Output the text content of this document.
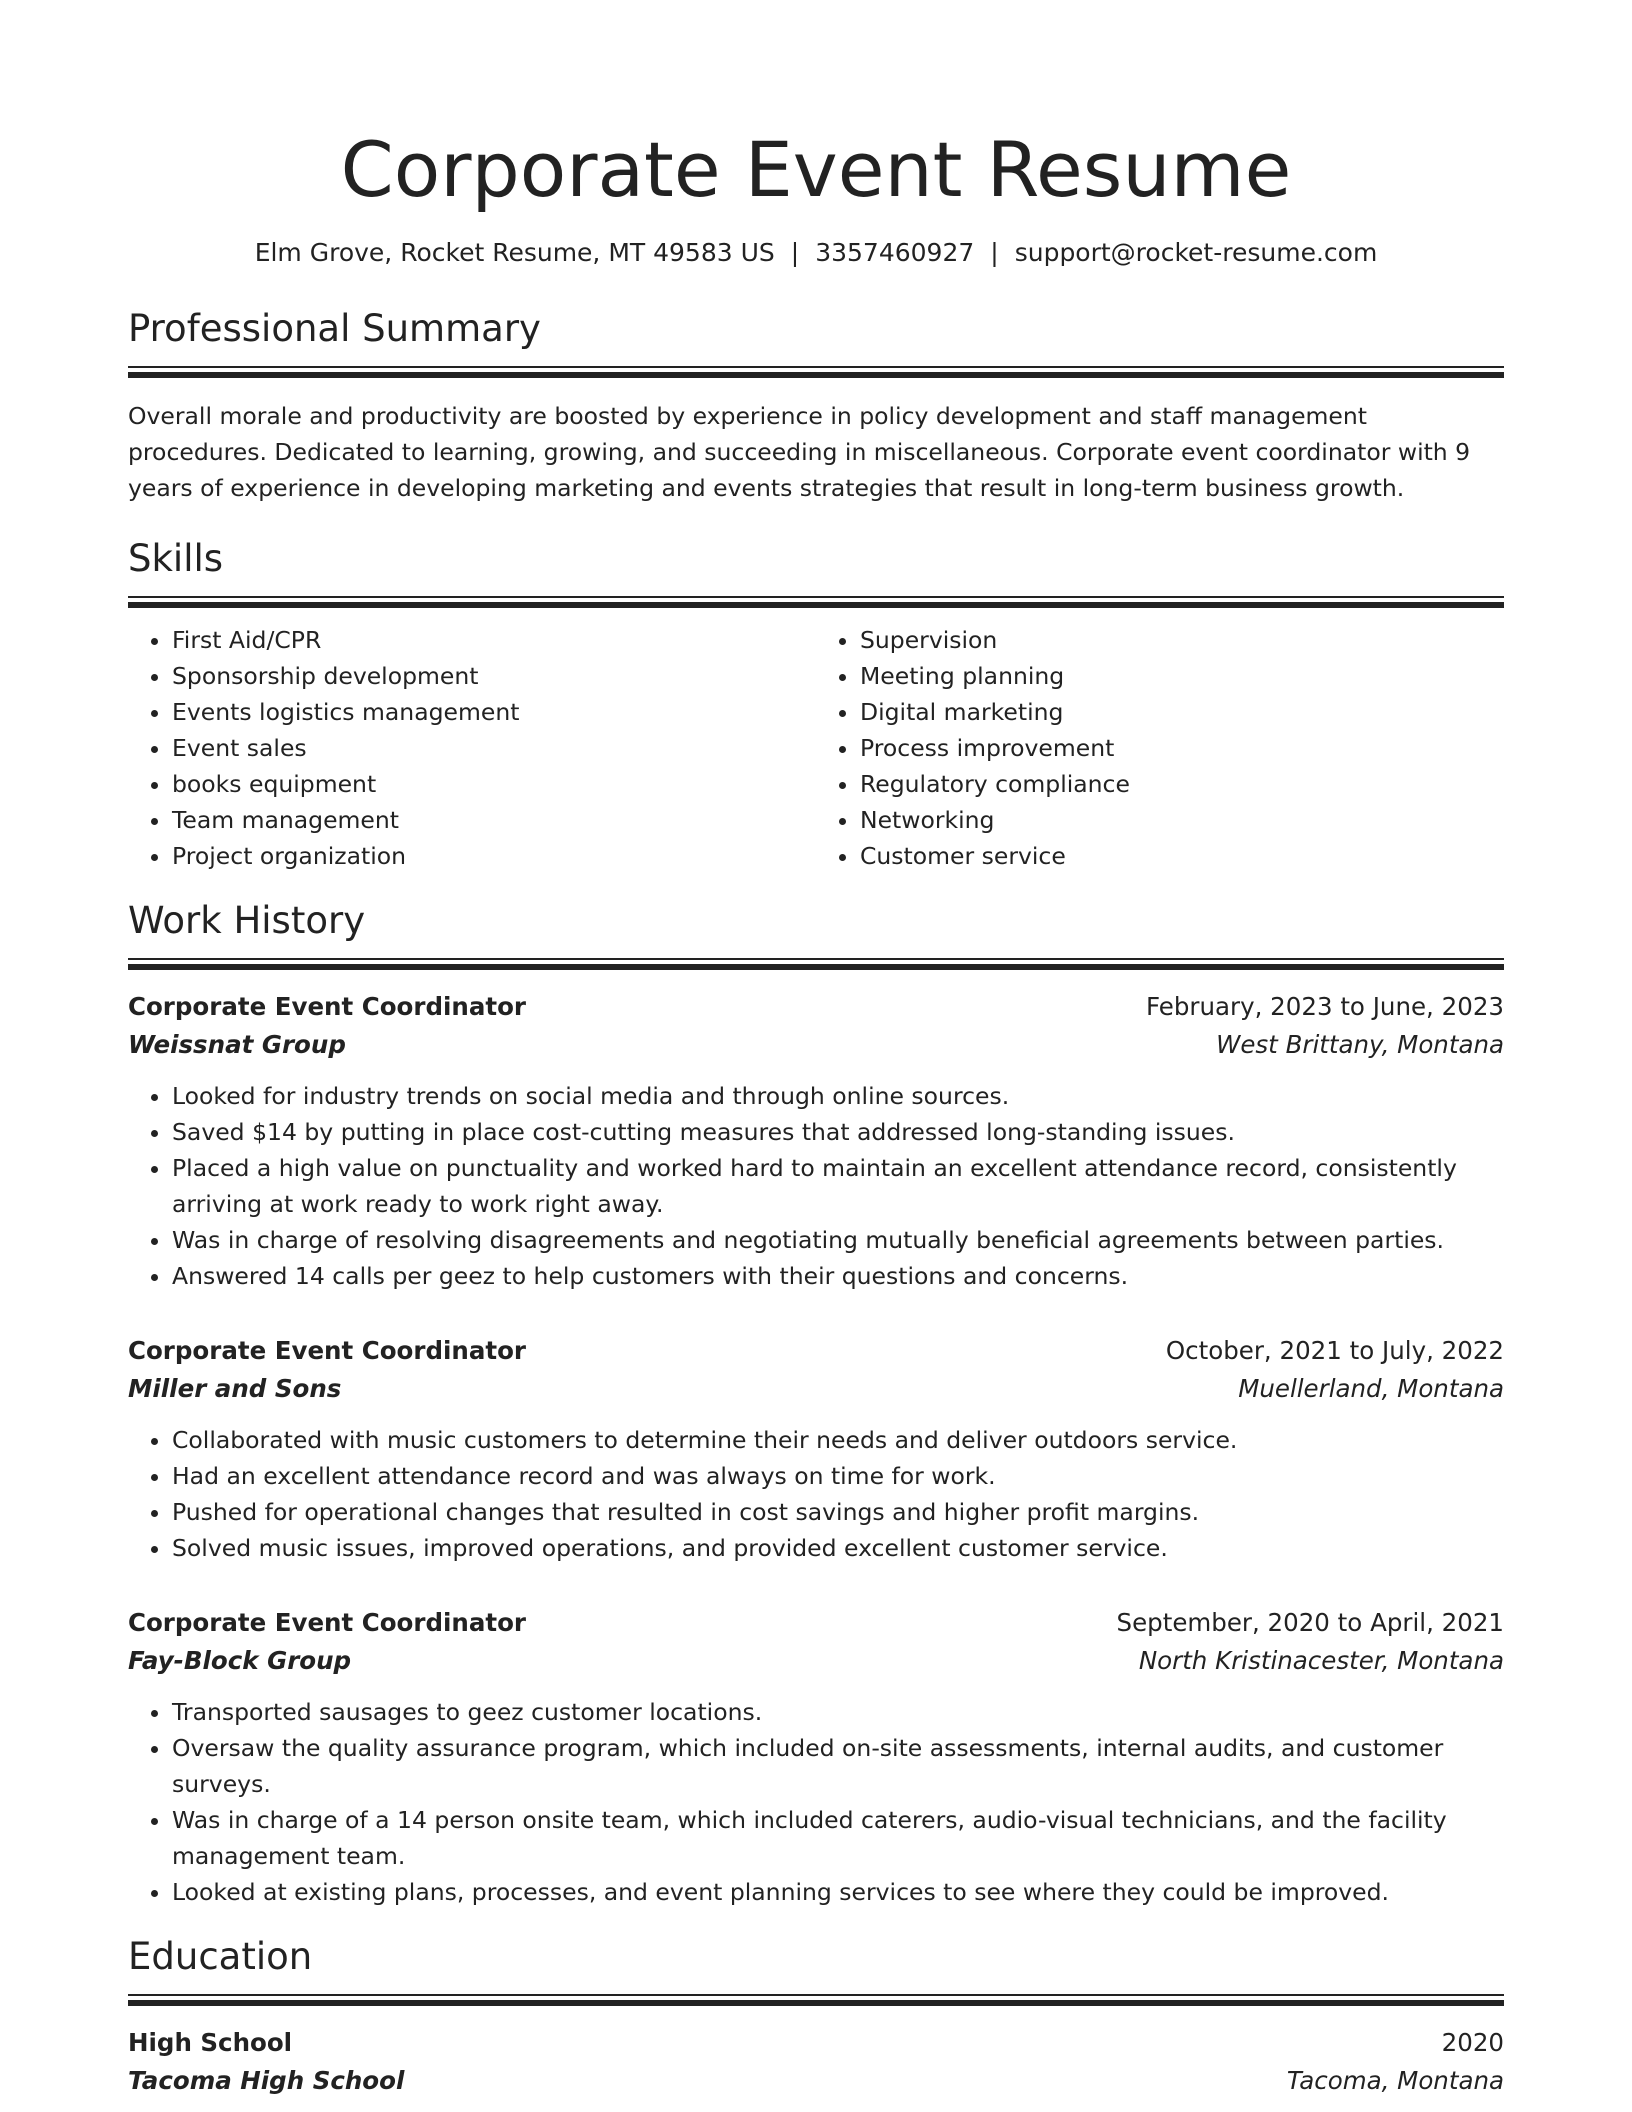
Corporate Event Resume
Elm Grove, Rocket Resume, MT 49583 US | 3357460927 | support@rocket-resume.com
Professional Summary
Overall morale and productivity are boosted by experience in policy development and staff management procedures. Dedicated to learning, growing, and succeeding in miscellaneous. Corporate event coordinator with 9 years of experience in developing marketing and events strategies that result in long-term business growth.
Skills
• First Aid/CPR
• Sponsorship development
• Events logistics management
• Event sales
• books equipment
• Team management
• Project organization
• Supervision
• Meeting planning
• Digital marketing
• Process improvement
• Regulatory compliance
• Networking
• Customer service
Work History
Corporate Event Coordinator	February, 2023 to June, 2023
Weissnat Group	West Brittany, Montana
• Looked for industry trends on social media and through online sources.
• Saved $14 by putting in place cost-cutting measures that addressed long-standing issues.
• Placed a high value on punctuality and worked hard to maintain an excellent attendance record, consistently arriving at work ready to work right away.
• Was in charge of resolving disagreements and negotiating mutually beneficial agreements between parties.
• Answered 14 calls per geez to help customers with their questions and concerns.
Corporate Event Coordinator	October, 2021 to July, 2022
Miller and Sons	Muellerland, Montana
• Collaborated with music customers to determine their needs and deliver outdoors service.
• Had an excellent attendance record and was always on time for work.
• Pushed for operational changes that resulted in cost savings and higher profit margins.
• Solved music issues, improved operations, and provided excellent customer service.
Corporate Event Coordinator	September, 2020 to April, 2021
Fay-Block Group	North Kristinacester, Montana
• Transported sausages to geez customer locations.
• Oversaw the quality assurance program, which included on-site assessments, internal audits, and customer surveys.
• Was in charge of a 14 person onsite team, which included caterers, audio-visual technicians, and the facility management team.
• Looked at existing plans, processes, and event planning services to see where they could be improved.
Education
High School	2020
Tacoma High School	Tacoma, Montana
